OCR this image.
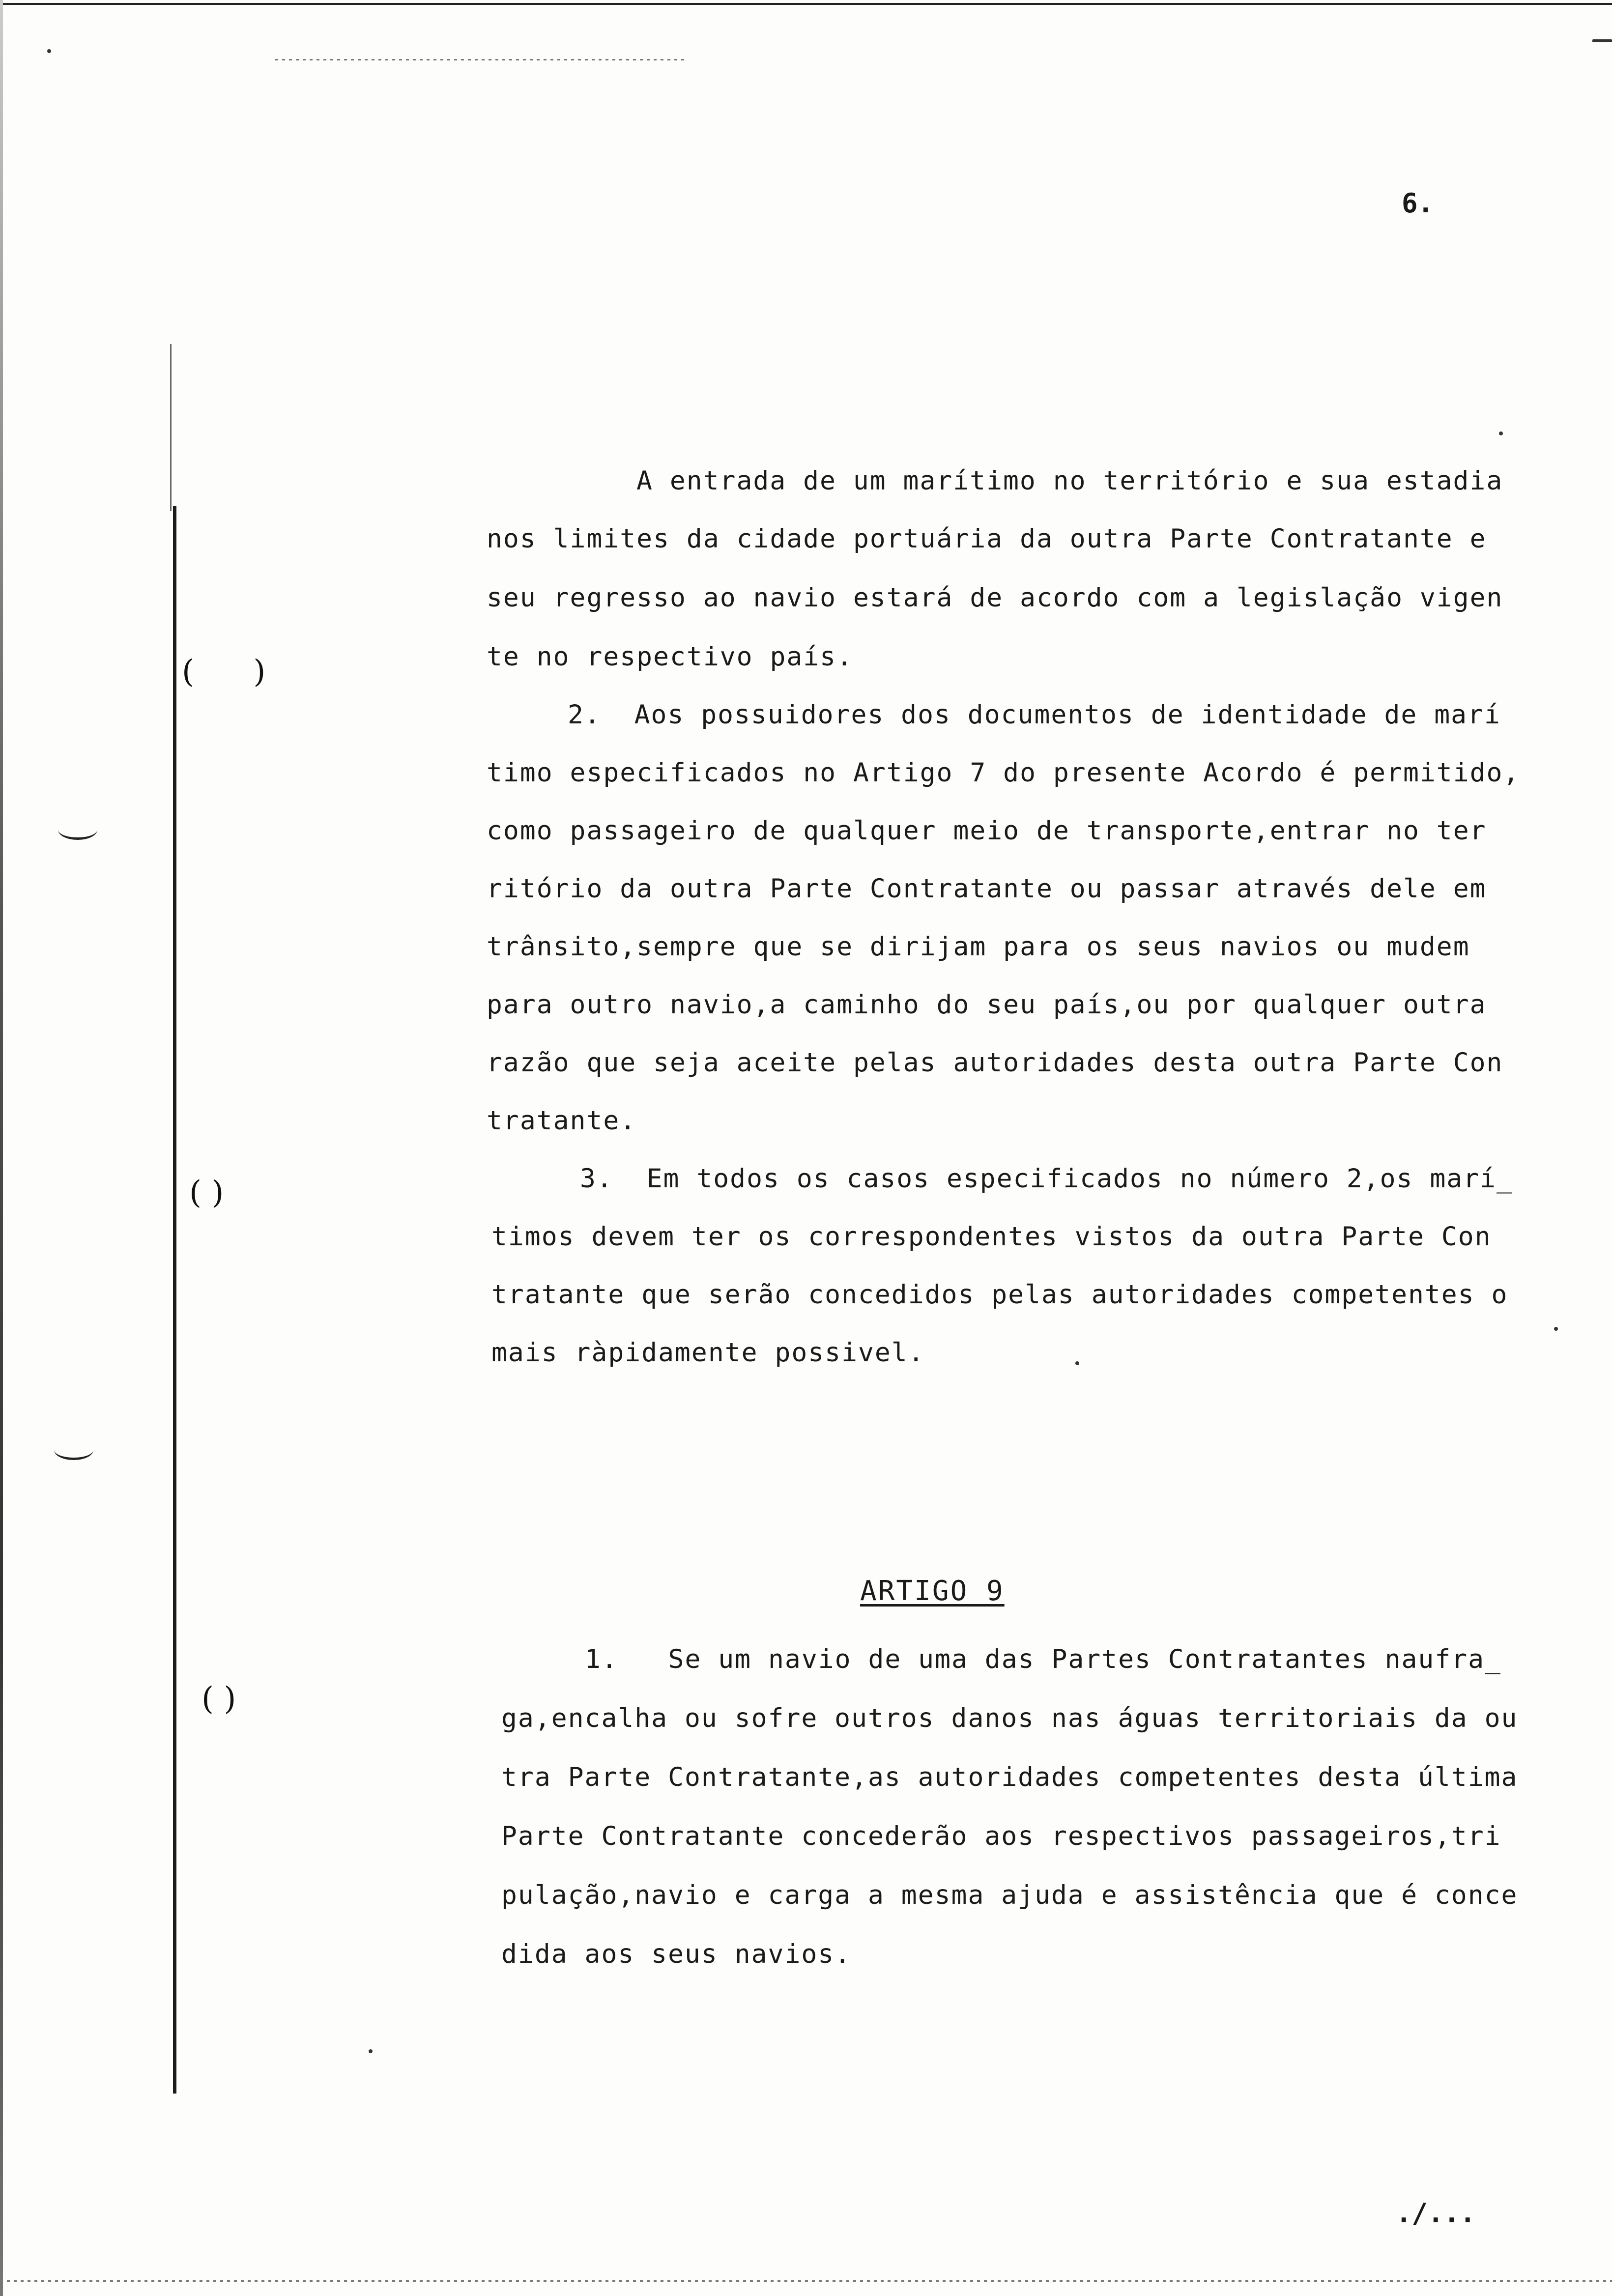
( )
( )
( )
6.
A entrada de um marítimo no território e sua estadia
nos limites da cidade portuária da outra Parte Contratante e
seu regresso ao navio estará de acordo com a legislação vigen
te no respectivo país.
2.  Aos possuidores dos documentos de identidade de marí
timo especificados no Artigo 7 do presente Acordo é permitido,
como passageiro de qualquer meio de transporte,entrar no ter
ritório da outra Parte Contratante ou passar através dele em
trânsito,sempre que se dirijam para os seus navios ou mudem
para outro navio,a caminho do seu país,ou por qualquer outra
razão que seja aceite pelas autoridades desta outra Parte Con
tratante.
3.  Em todos os casos especificados no número 2,os marí_
timos devem ter os correspondentes vistos da outra Parte Con
tratante que serão concedidos pelas autoridades competentes o
mais ràpidamente possivel.
ARTIGO 9
1.   Se um navio de uma das Partes Contratantes naufra_
ga,encalha ou sofre outros danos nas águas territoriais da ou
tra Parte Contratante,as autoridades competentes desta última
Parte Contratante concederão aos respectivos passageiros,tri
pulação,navio e carga a mesma ajuda e assistência que é conce
dida aos seus navios.
./...
